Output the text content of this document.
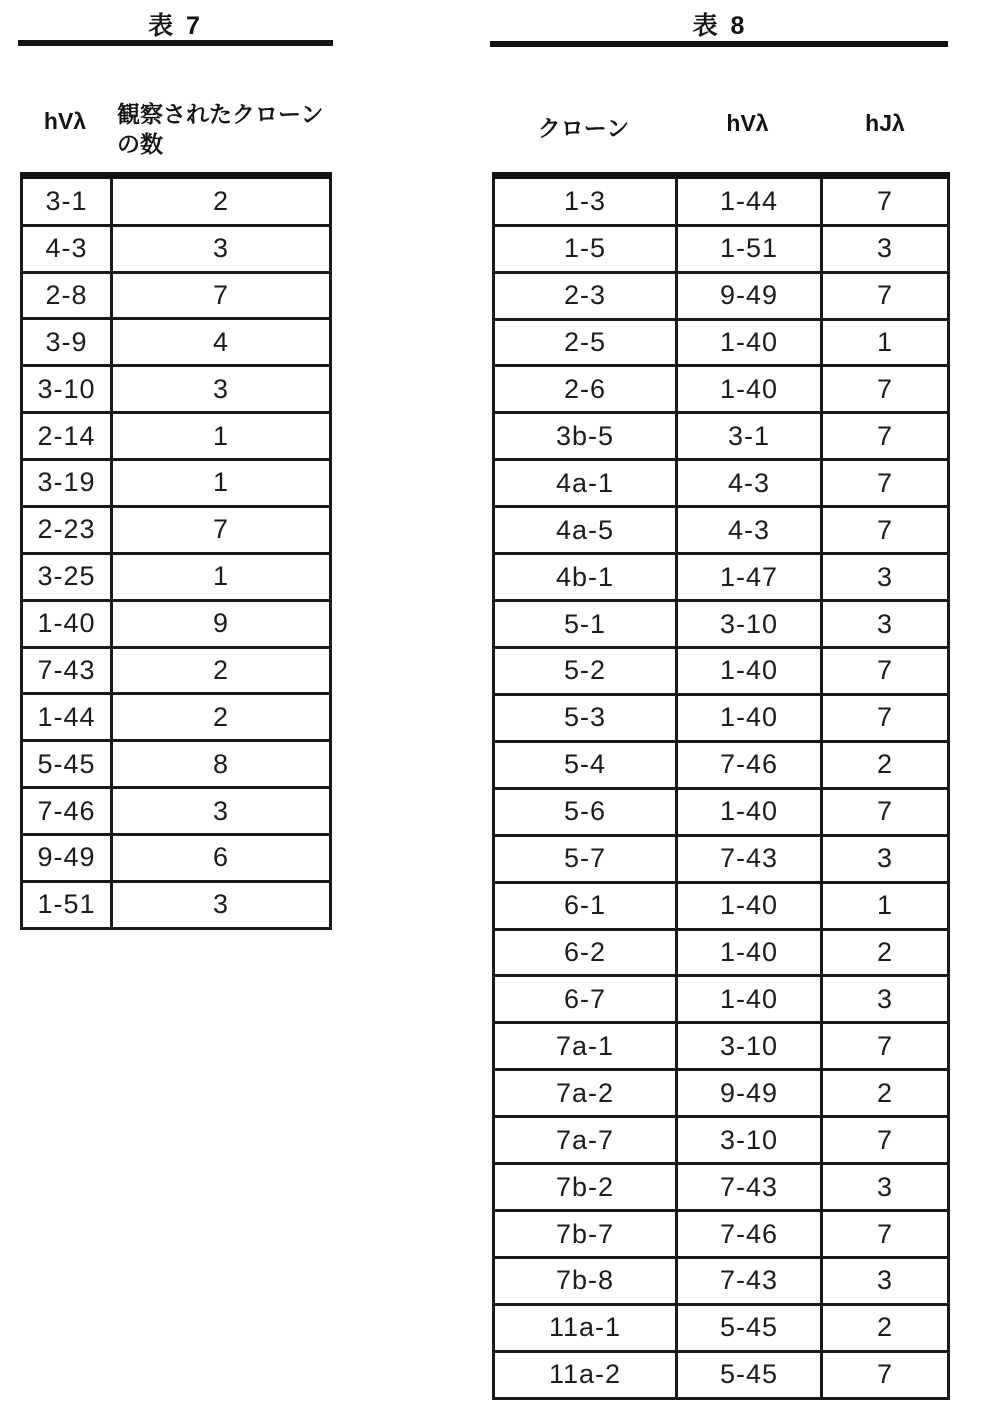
表 7
hVλ	観察されたクローン
の数
3-1	2
4-3	3
2-8	7
3-9	4
3-10	3
2-14	1
3-19	1
2-23	7
3-25	1
1-40	9
7-43	2
1-44	2
5-45	8
7-46	3
9-49	6
1-51	3
表 8
クローン	hVλ	hJλ
1-3	1-44	7
1-5	1-51	3
2-3	9-49	7
2-5	1-40	1
2-6	1-40	7
3b-5	3-1	7
4a-1	4-3	7
4a-5	4-3	7
4b-1	1-47	3
5-1	3-10	3
5-2	1-40	7
5-3	1-40	7
5-4	7-46	2
5-6	1-40	7
5-7	7-43	3
6-1	1-40	1
6-2	1-40	2
6-7	1-40	3
7a-1	3-10	7
7a-2	9-49	2
7a-7	3-10	7
7b-2	7-43	3
7b-7	7-46	7
7b-8	7-43	3
11a-1	5-45	2
11a-2	5-45	7
